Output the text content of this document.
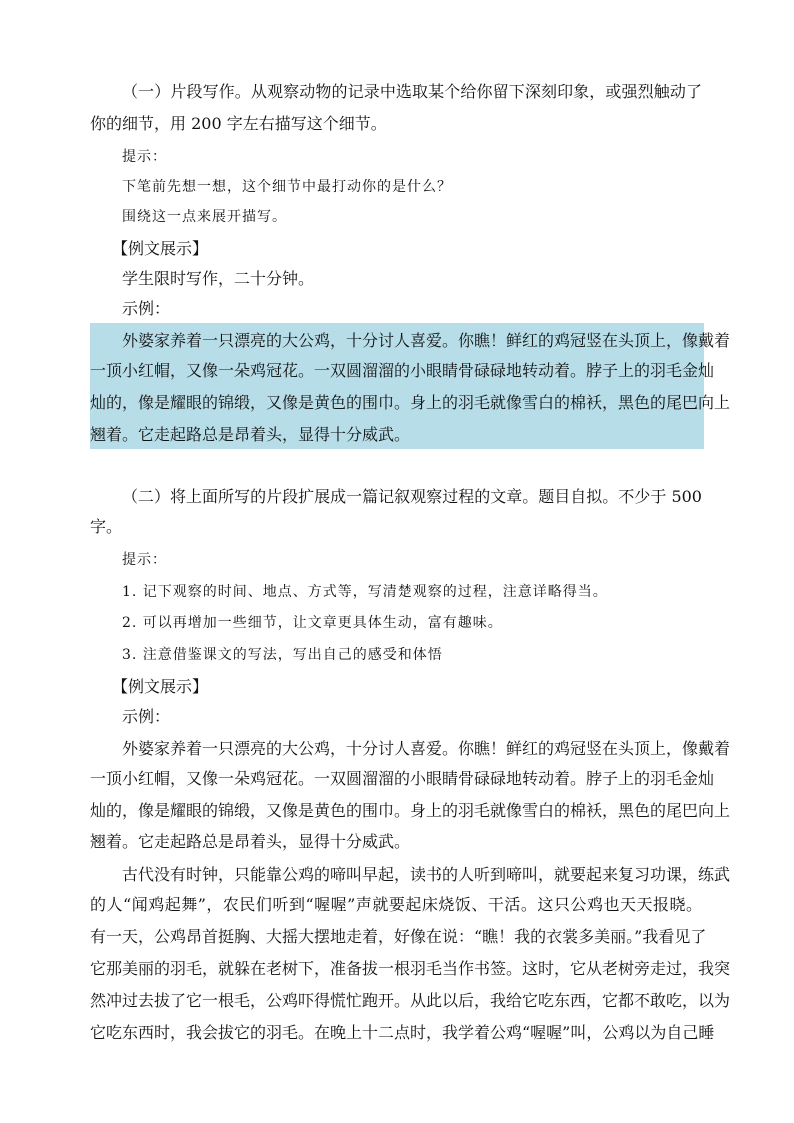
（一）片段写作。从观察动物的记录中选取某个给你留下深刻印象，或强烈触动了

你的细节，用 200 字左右描写这个细节。

提示：

下笔前先想一想，这个细节中最打动你的是什么？

围绕这一点来展开描写。

【例文展示】

学生限时写作，二十分钟。

示例：

外婆家养着一只漂亮的大公鸡，十分讨人喜爱。你瞧！鲜红的鸡冠竖在头顶上，像戴着

一顶小红帽，又像一朵鸡冠花。一双圆溜溜的小眼睛骨碌碌地转动着。脖子上的羽毛金灿

灿的，像是耀眼的锦缎，又像是黄色的围巾。身上的羽毛就像雪白的棉袄，黑色的尾巴向上

翘着。它走起路总是昂着头，显得十分威武。

（二）将上面所写的片段扩展成一篇记叙观察过程的文章。题目自拟。不少于 500

字。

提示：

1. 记下观察的时间、地点、方式等，写清楚观察的过程，注意详略得当。

2. 可以再增加一些细节，让文章更具体生动，富有趣味。

3. 注意借鉴课文的写法，写出自己的感受和体悟

【例文展示】

示例：

外婆家养着一只漂亮的大公鸡，十分讨人喜爱。你瞧！鲜红的鸡冠竖在头顶上，像戴着

一顶小红帽，又像一朵鸡冠花。一双圆溜溜的小眼睛骨碌碌地转动着。脖子上的羽毛金灿

灿的，像是耀眼的锦缎，又像是黄色的围巾。身上的羽毛就像雪白的棉袄，黑色的尾巴向上

翘着。它走起路总是昂着头，显得十分威武。

古代没有时钟，只能靠公鸡的啼叫早起，读书的人听到啼叫，就要起来复习功课，练武

的人“闻鸡起舞”，农民们听到“喔喔”声就要起床烧饭、干活。这只公鸡也天天报晓。

有一天，公鸡昂首挺胸、大摇大摆地走着，好像在说：“瞧！我的衣裳多美丽。”我看见了

它那美丽的羽毛，就躲在老树下，准备拔一根羽毛当作书签。这时，它从老树旁走过，我突

然冲过去拔了它一根毛，公鸡吓得慌忙跑开。从此以后，我给它吃东西，它都不敢吃，以为

它吃东西时，我会拔它的羽毛。在晚上十二点时，我学着公鸡“喔喔”叫，公鸡以为自己睡
